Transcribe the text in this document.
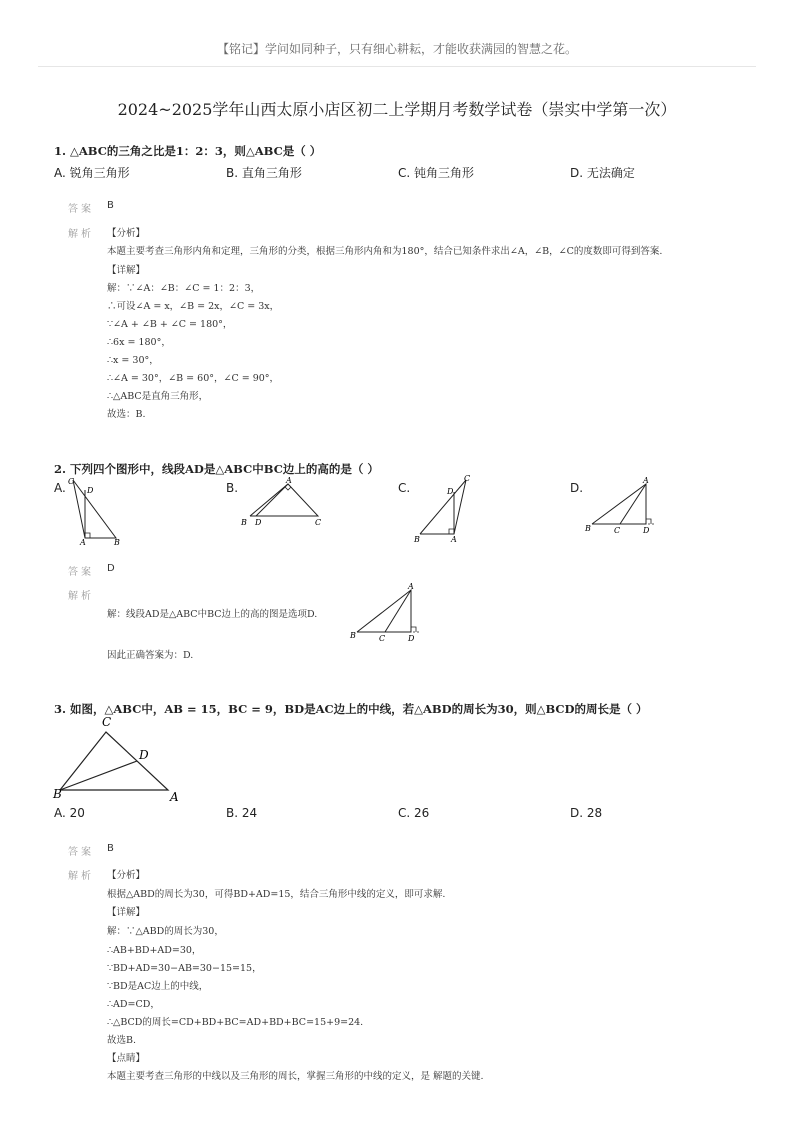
【铭记】学问如同种子，只有细心耕耘，才能收获满园的智慧之花。
2024~2025学年山西太原小店区初二上学期月考数学试卷（崇实中学第一次）
1. △ABC的三角之比是1：2：3，则△ABC是（ ）
A. 锐角三角形	B. 直角三角形	C. 钝角三角形	D. 无法确定
答案 B
解析 【分析】
本题主要考查三角形内角和定理，三角形的分类，根据三角形内角和为180°，结合已知条件求出∠A，∠B，∠C的度数即可得到答案.
【详解】
解：∵∠A：∠B：∠C = 1：2：3，
∴可设∠A = x，∠B = 2x，∠C = 3x，
∵∠A + ∠B + ∠C = 180°，
∴6x = 180°，
∴x = 30°，
∴∠A = 30°，∠B = 60°，∠C = 90°，
∴△ABC是直角三角形，
故选：B.
2. 下列四个图形中，线段AD是△ABC中BC边上的高的是（ ）
A.	B.	C.	D.
C
D
A	B
A
B D	C
C
D
B	A
A
B	C	D
答案 D
解析
解：线段AD是△ABC中BC边上的高的图是选项D.
A
B	C	D
因此正确答案为：D.
3. 如图，△ABC中，AB = 15，BC = 9，BD是AC边上的中线，若△ABD的周长为30，则△BCD的周长是（ ）
C
D
B	A
A. 20	B. 24	C. 26	D. 28
答案 B
解析 【分析】
根据△ABD的周长为30，可得BD+AD=15，结合三角形中线的定义，即可求解.
【详解】
解：∵△ABD的周长为30，
∴AB+BD+AD=30，
∵BD+AD=30−AB=30−15=15，
∵BD是AC边上的中线，
∴AD=CD，
∴△BCD的周长=CD+BD+BC=AD+BD+BC=15+9=24.
故选B.
【点睛】
本题主要考查三角形的中线以及三角形的周长，掌握三角形的中线的定义，是 解题的关键.
